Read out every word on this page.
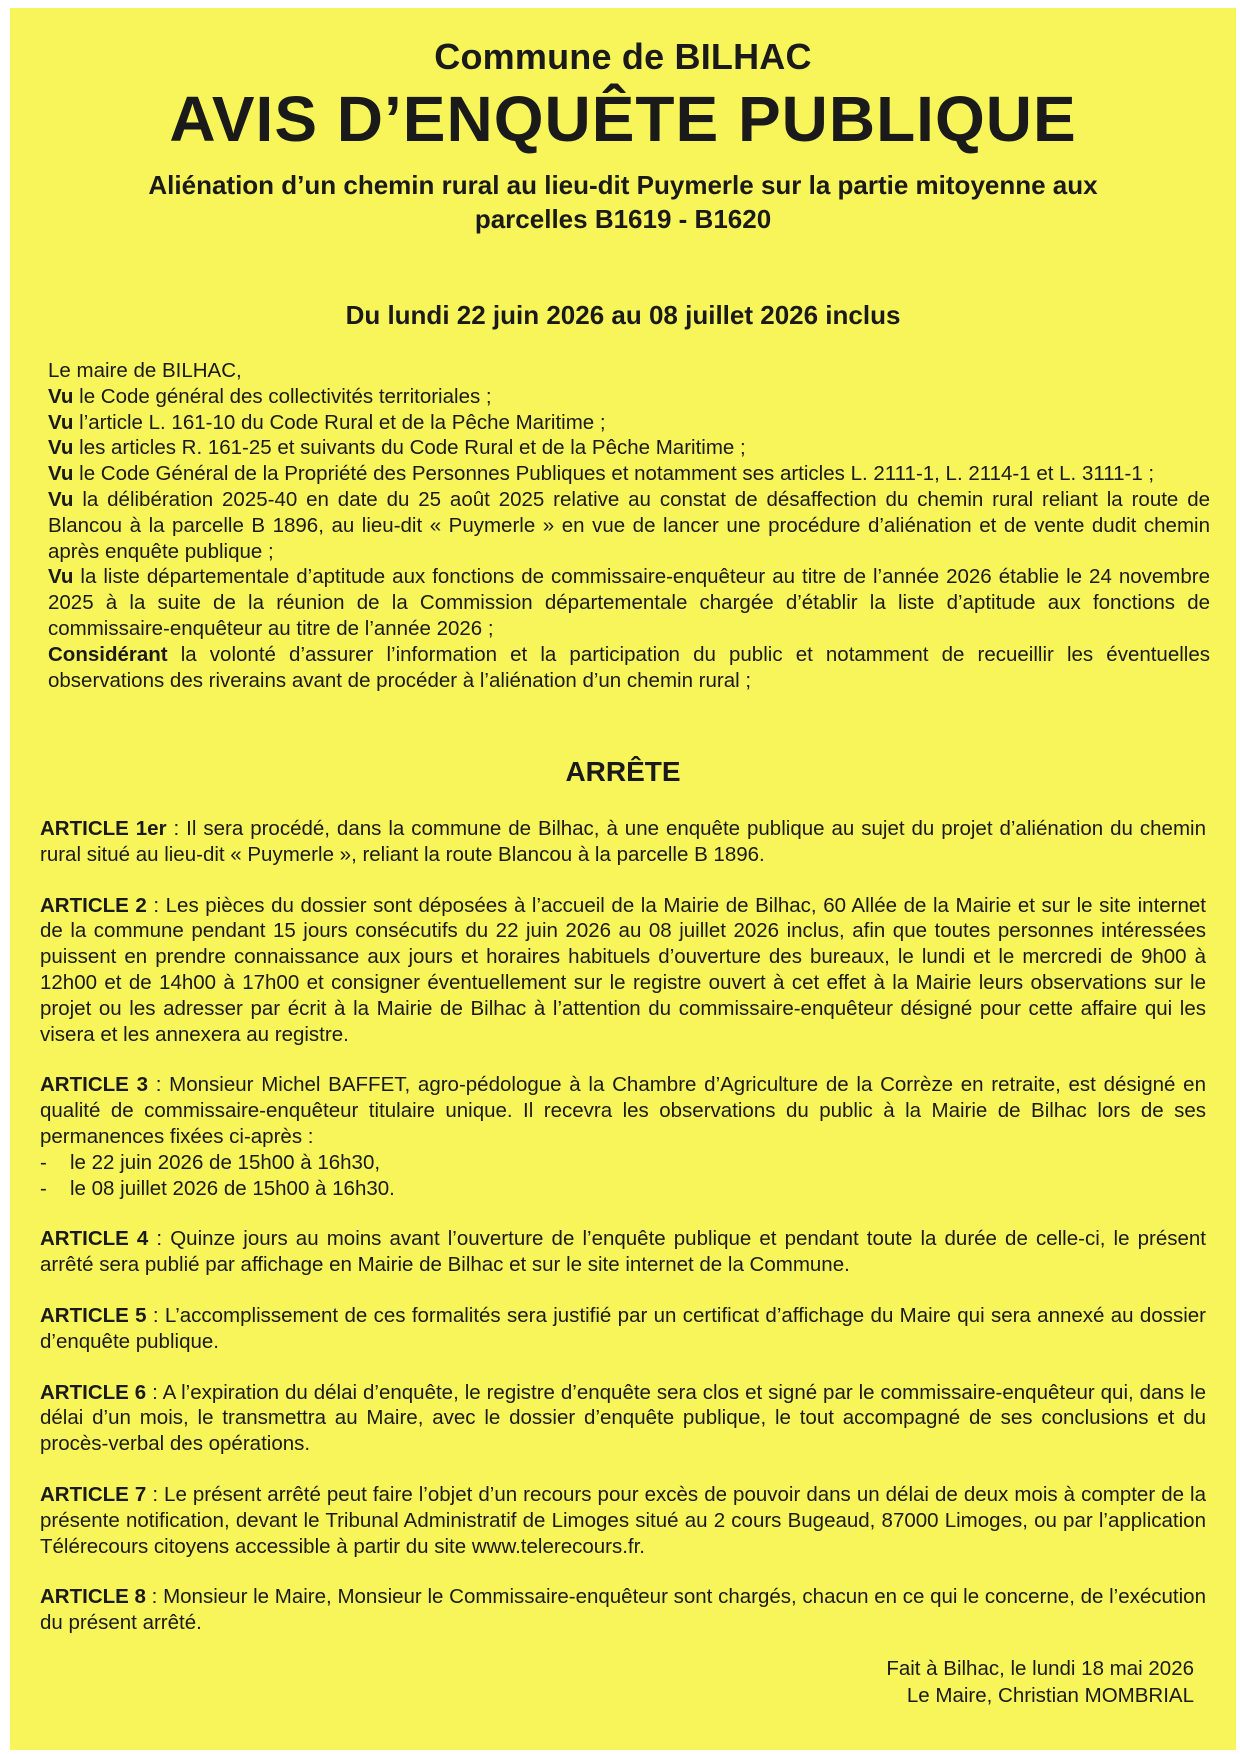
Commune de BILHAC
AVIS D’ENQUÊTE PUBLIQUE
Aliénation d’un chemin rural au lieu-dit Puymerle sur la partie mitoyenne aux
parcelles B1619 - B1620
Du lundi 22 juin 2026 au 08 juillet 2026 inclus

Le maire de BILHAC,

Vu le Code général des collectivités territoriales ;

Vu l’article L. 161-10 du Code Rural et de la Pêche Maritime ;

Vu les articles R. 161-25 et suivants du Code Rural et de la Pêche Maritime ;

Vu le Code Général de la Propriété des Personnes Publiques et notamment ses articles L. 2111-1, L. 2114-1 et L. 3111-1 ;

Vu la délibération 2025-40 en date du 25 août 2025 relative au constat de désaffection du chemin rural reliant la route de Blancou à la parcelle B 1896, au lieu-dit « Puymerle » en vue de lancer une procédure d’aliénation et de vente dudit chemin après enquête publique ;

Vu la liste départementale d’aptitude aux fonctions de commissaire-enquêteur au titre de l’année 2026 établie le 24 novembre 2025 à la suite de la réunion de la Commission départementale chargée d’établir la liste d’aptitude aux fonctions de commissaire-enquêteur au titre de l’année 2026 ;

Considérant la volonté d’assurer l’information et la participation du public et notamment de recueillir les éventuelles observations des riverains avant de procéder à l’aliénation d’un chemin rural ;

ARRÊTE

ARTICLE 1er : Il sera procédé, dans la commune de Bilhac, à une enquête publique au sujet du projet d’aliénation du chemin rural situé au lieu-dit « Puymerle », reliant la route Blancou à la parcelle B 1896.

ARTICLE 2 : Les pièces du dossier sont déposées à l’accueil de la Mairie de Bilhac, 60 Allée de la Mairie et sur le site internet de la commune pendant 15 jours consécutifs du 22 juin 2026 au 08 juillet 2026 inclus, afin que toutes personnes intéressées puissent en prendre connaissance aux jours et horaires habituels d’ouverture des bureaux, le lundi et le mercredi de 9h00 à 12h00 et de 14h00 à 17h00 et consigner éventuellement sur le registre ouvert à cet effet à la Mairie leurs observations sur le projet ou les adresser par écrit à la Mairie de Bilhac à l’attention du commissaire-enquêteur désigné pour cette affaire qui les visera et les annexera au registre.

ARTICLE 3 : Monsieur Michel BAFFET, agro-pédologue à la Chambre d’Agriculture de la Corrèze en retraite, est désigné en qualité de commissaire-enquêteur titulaire unique. Il recevra les observations du public à la Mairie de Bilhac lors de ses permanences fixées ci-après :
- le 22 juin 2026 de 15h00 à 16h30,
- le 08 juillet 2026 de 15h00 à 16h30.

ARTICLE 4 : Quinze jours au moins avant l’ouverture de l’enquête publique et pendant toute la durée de celle-ci, le présent arrêté sera publié par affichage en Mairie de Bilhac et sur le site internet de la Commune.

ARTICLE 5 : L’accomplissement de ces formalités sera justifié par un certificat d’affichage du Maire qui sera annexé au dossier d’enquête publique.

ARTICLE 6 : A l’expiration du délai d’enquête, le registre d’enquête sera clos et signé par le commissaire-enquêteur qui, dans le délai d’un mois, le transmettra au Maire, avec le dossier d’enquête publique, le tout accompagné de ses conclusions et du procès-verbal des opérations.

ARTICLE 7 : Le présent arrêté peut faire l’objet d’un recours pour excès de pouvoir dans un délai de deux mois à compter de la présente notification, devant le Tribunal Administratif de Limoges situé au 2 cours Bugeaud, 87000 Limoges, ou par l’application Télérecours citoyens accessible à partir du site www.telerecours.fr.

ARTICLE 8 : Monsieur le Maire, Monsieur le Commissaire-enquêteur sont chargés, chacun en ce qui le concerne, de l’exécution du présent arrêté.

Fait à Bilhac, le lundi 18 mai 2026
Le Maire, Christian MOMBRIAL
